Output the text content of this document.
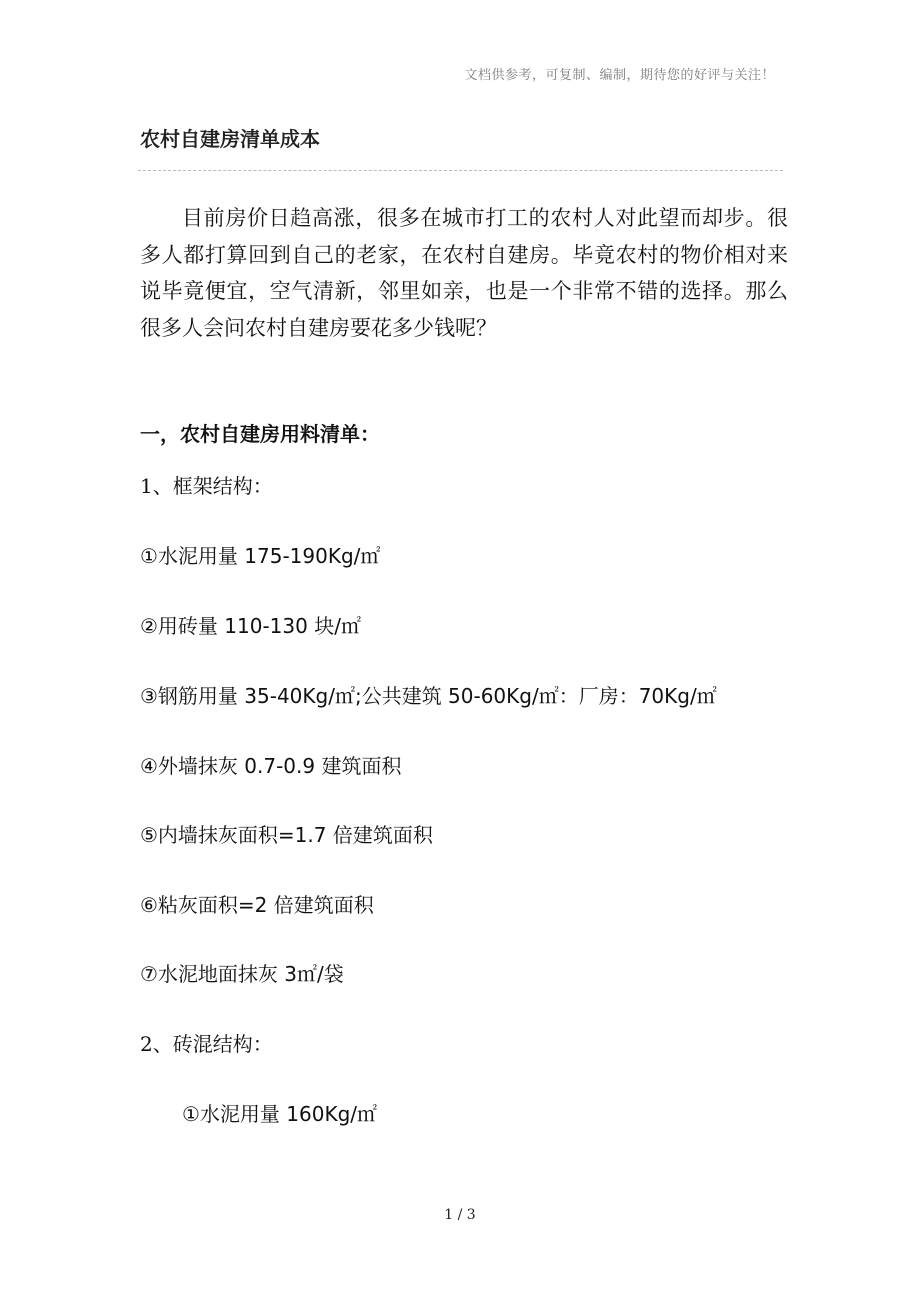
文档供参考，可复制、编制，期待您的好评与关注！
农村自建房清单成本

目前房价日趋高涨，很多在城市打工的农村人对此望而却步。很多人都打算回到自己的老家，在农村自建房。毕竟农村的物价相对来说毕竟便宜，空气清新，邻里如亲，也是一个非常不错的选择。那么很多人会问农村自建房要花多少钱呢？

一，农村自建房用料清单：
1、框架结构：
①水泥用量 175-190Kg/㎡
②用砖量 110-130 块/㎡
③钢筋用量 35-40Kg/㎡;公共建筑 50-60Kg/㎡：厂房：70Kg/㎡
④外墙抹灰 0.7-0.9 建筑面积
⑤内墙抹灰面积=1.7 倍建筑面积
⑥粘灰面积=2 倍建筑面积
⑦水泥地面抹灰 3㎡/袋
2、砖混结构：
①水泥用量 160Kg/㎡
1 / 3
